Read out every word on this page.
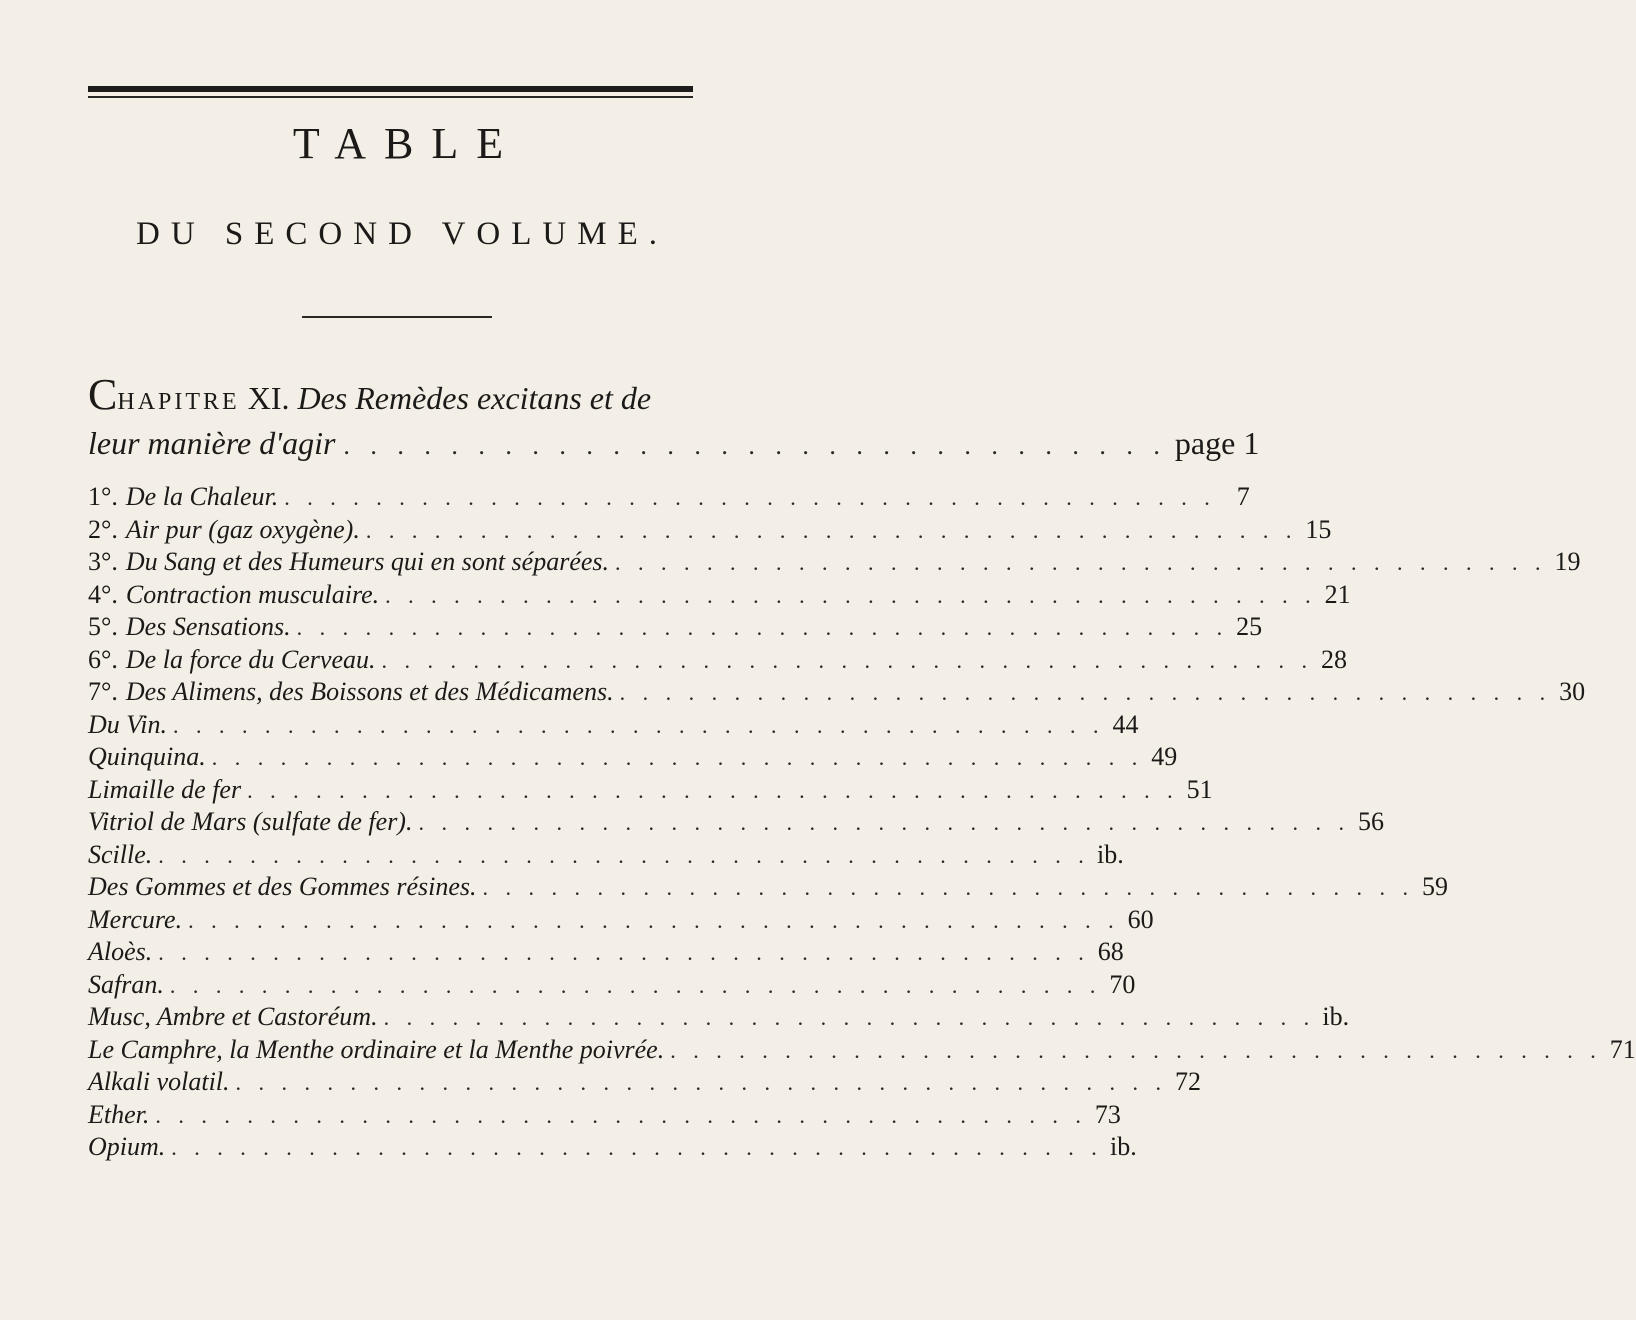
TABLE
DU SECOND VOLUME.
CHAPITRE XI. Des Remèdes excitans et de
leur manière d'agir . . . . . . . . . . . . . . . . . . . . . . . . . . . . . . . page 1
1°. De la Chaleur. . . . . . . . . . . . . . . . . . . . . . . . . . . . . . . . . . . . . . . . . . 7
2°. Air pur (gaz oxygène). . . . . . . . . . . . . . . . . . . . . . . . . . . . . . . . . . . . . . . . . . 15
3°. Du Sang et des Humeurs qui en sont séparées. . . . . . . . . . . . . . . . . . . . . . . . . . . . . . . . . . . . . . . . . . 19
4°. Contraction musculaire. . . . . . . . . . . . . . . . . . . . . . . . . . . . . . . . . . . . . . . . . . 21
5°. Des Sensations. . . . . . . . . . . . . . . . . . . . . . . . . . . . . . . . . . . . . . . . . . 25
6°. De la force du Cerveau. . . . . . . . . . . . . . . . . . . . . . . . . . . . . . . . . . . . . . . . . . 28
7°. Des Alimens, des Boissons et des Médicamens. . . . . . . . . . . . . . . . . . . . . . . . . . . . . . . . . . . . . . . . . . 30
Du Vin. . . . . . . . . . . . . . . . . . . . . . . . . . . . . . . . . . . . . . . . . . 44
Quinquina. . . . . . . . . . . . . . . . . . . . . . . . . . . . . . . . . . . . . . . . . . 49
Limaille de fer . . . . . . . . . . . . . . . . . . . . . . . . . . . . . . . . . . . . . . . . . 51
Vitriol de Mars (sulfate de fer). . . . . . . . . . . . . . . . . . . . . . . . . . . . . . . . . . . . . . . . . . 56
Scille. . . . . . . . . . . . . . . . . . . . . . . . . . . . . . . . . . . . . . . . . . ib.
Des Gommes et des Gommes résines. . . . . . . . . . . . . . . . . . . . . . . . . . . . . . . . . . . . . . . . . . 59
Mercure. . . . . . . . . . . . . . . . . . . . . . . . . . . . . . . . . . . . . . . . . . 60
Aloès. . . . . . . . . . . . . . . . . . . . . . . . . . . . . . . . . . . . . . . . . . 68
Safran. . . . . . . . . . . . . . . . . . . . . . . . . . . . . . . . . . . . . . . . . . 70
Musc, Ambre et Castoréum. . . . . . . . . . . . . . . . . . . . . . . . . . . . . . . . . . . . . . . . . . ib.
Le Camphre, la Menthe ordinaire et la Menthe poivrée. . . . . . . . . . . . . . . . . . . . . . . . . . . . . . . . . . . . . . . . . . 71
Alkali volatil. . . . . . . . . . . . . . . . . . . . . . . . . . . . . . . . . . . . . . . . . . 72
Ether. . . . . . . . . . . . . . . . . . . . . . . . . . . . . . . . . . . . . . . . . . 73
Opium. . . . . . . . . . . . . . . . . . . . . . . . . . . . . . . . . . . . . . . . . . ib.
